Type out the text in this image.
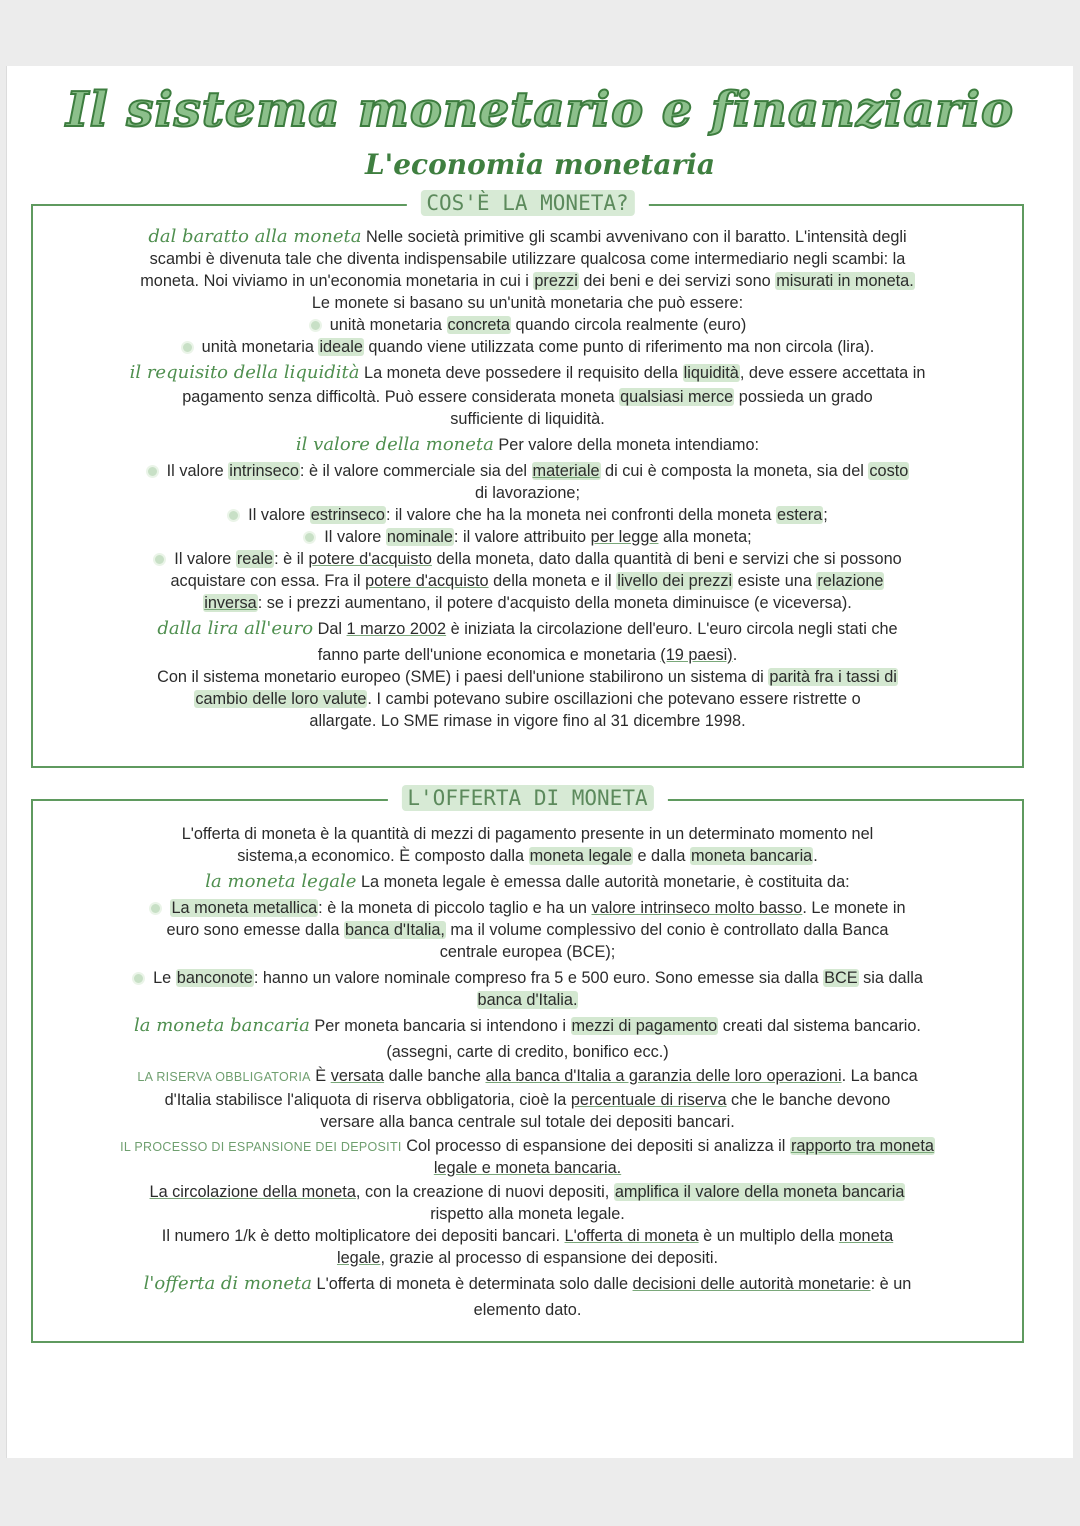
Il sistema monetario e finanziario
L'economia monetaria
COS'È LA MONETA?
dal baratto alla moneta Nelle società primitive gli scambi avvenivano con il baratto. L'intensità degli
scambi è divenuta tale che diventa indispensabile utilizzare qualcosa come intermediario negli scambi: la
moneta. Noi viviamo in un'economia monetaria in cui i prezzi dei beni e dei servizi sono misurati in moneta.
Le monete si basano su un'unità monetaria che può essere:
unità monetaria concreta quando circola realmente (euro)
unità monetaria ideale quando viene utilizzata come punto di riferimento ma non circola (lira).
il requisito della liquidità La moneta deve possedere il requisito della liquidità, deve essere accettata in
pagamento senza difficoltà. Può essere considerata moneta qualsiasi merce possieda un grado
sufficiente di liquidità.
il valore della moneta Per valore della moneta intendiamo:
Il valore intrinseco: è il valore commerciale sia del materiale di cui è composta la moneta, sia del costo
di lavorazione;
Il valore estrinseco: il valore che ha la moneta nei confronti della moneta estera;
Il valore nominale: il valore attribuito per legge alla moneta;
Il valore reale: è il potere d'acquisto della moneta, dato dalla quantità di beni e servizi che si possono
acquistare con essa. Fra il potere d'acquisto della moneta e il livello dei prezzi esiste una relazione
inversa: se i prezzi aumentano, il potere d'acquisto della moneta diminuisce (e viceversa).
dalla lira all'euro Dal 1 marzo 2002 è iniziata la circolazione dell'euro. L'euro circola negli stati che
fanno parte dell'unione economica e monetaria (19 paesi).
Con il sistema monetario europeo (SME) i paesi dell'unione stabilirono un sistema di parità fra i tassi di
cambio delle loro valute. I cambi potevano subire oscillazioni che potevano essere ristrette o
allargate. Lo SME rimase in vigore fino al 31 dicembre 1998.
L'OFFERTA DI MONETA
L'offerta di moneta è la quantità di mezzi di pagamento presente in un determinato momento nel
sistema,a economico. È composto dalla moneta legale e dalla moneta bancaria.
la moneta legale La moneta legale è emessa dalle autorità monetarie, è costituita da:
La moneta metallica: è la moneta di piccolo taglio e ha un valore intrinseco molto basso. Le monete in
euro sono emesse dalla banca d'Italia, ma il volume complessivo del conio è controllato dalla Banca
centrale europea (BCE);
Le banconote: hanno un valore nominale compreso fra 5 e 500 euro. Sono emesse sia dalla BCE sia dalla
banca d'Italia.
la moneta bancaria Per moneta bancaria si intendono i mezzi di pagamento creati dal sistema bancario.
(assegni, carte di credito, bonifico ecc.)
LA RISERVA OBBLIGATORIA È versata dalle banche alla banca d'Italia a garanzia delle loro operazioni. La banca
d'Italia stabilisce l'aliquota di riserva obbligatoria, cioè la percentuale di riserva che le banche devono
versare alla banca centrale sul totale dei depositi bancari.
IL PROCESSO DI ESPANSIONE DEI DEPOSITI Col processo di espansione dei depositi si analizza il rapporto tra moneta
legale e moneta bancaria.
La circolazione della moneta, con la creazione di nuovi depositi, amplifica il valore della moneta bancaria
rispetto alla moneta legale.
Il numero 1/k è detto moltiplicatore dei depositi bancari. L'offerta di moneta è un multiplo della moneta
legale, grazie al processo di espansione dei depositi.
l'offerta di moneta L'offerta di moneta è determinata solo dalle decisioni delle autorità monetarie: è un
elemento dato.
